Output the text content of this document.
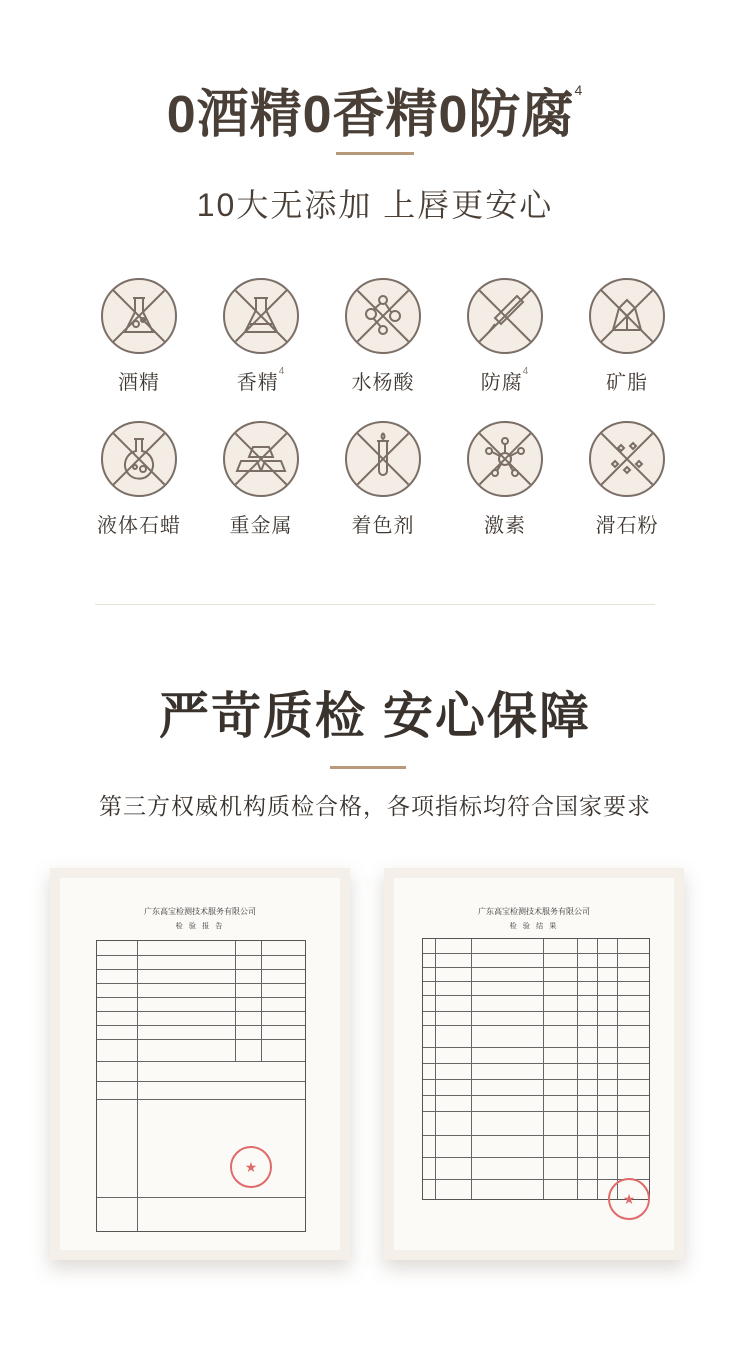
0酒精0香精0防腐$^4$
10大无添加 上唇更安心
酒精	香精$^4$
水杨酸	防腐$^4$
矿脂
液体石蜡 重金属	着色剂	激素	滑石粉
严苛质检 安心保障
第三方权威机构质检合格，各项指标均符合国家要求
广东高宝检测技术服务有限公司
检 验 报 告
★
广东高宝检测技术服务有限公司
检 验 结 果
★
